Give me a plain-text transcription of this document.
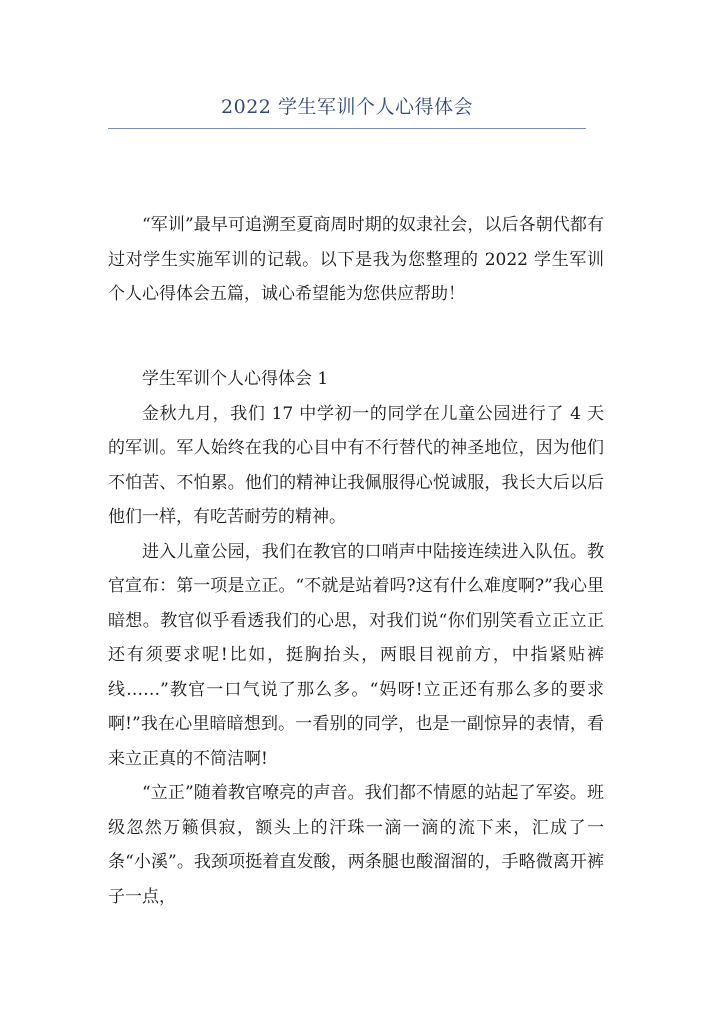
2022 学生军训个人心得体会

“军训”最早可追溯至夏商周时期的奴隶社会，以后各朝代都有过对学生实施军训的记载。以下是我为您整理的 2022 学生军训个人心得体会五篇，诚心希望能为您供应帮助！

学生军训个人心得体会 1

金秋九月，我们 17 中学初一的同学在儿童公园进行了 4 天的军训。军人始终在我的心目中有不行替代的神圣地位，因为他们不怕苦、不怕累。他们的精神让我佩服得心悦诚服，我长大后以后他们一样，有吃苦耐劳的精神。

进入儿童公园，我们在教官的口哨声中陆接连续进入队伍。教官宣布：第一项是立正。“不就是站着吗?这有什么难度啊?”我心里暗想。教官似乎看透我们的心思，对我们说“你们别笑看立正立正还有须要求呢!比如，挺胸抬头，两眼目视前方，中指紧贴裤线……”教官一口气说了那么多。“妈呀!立正还有那么多的要求啊!”我在心里暗暗想到。一看别的同学，也是一副惊异的表情，看来立正真的不简洁啊!

“立正”随着教官嘹亮的声音。我们都不情愿的站起了军姿。班级忽然万籁俱寂，额头上的汗珠一滴一滴的流下来，汇成了一条“小溪”。我颈项挺着直发酸，两条腿也酸溜溜的，手略微离开裤子一点，
